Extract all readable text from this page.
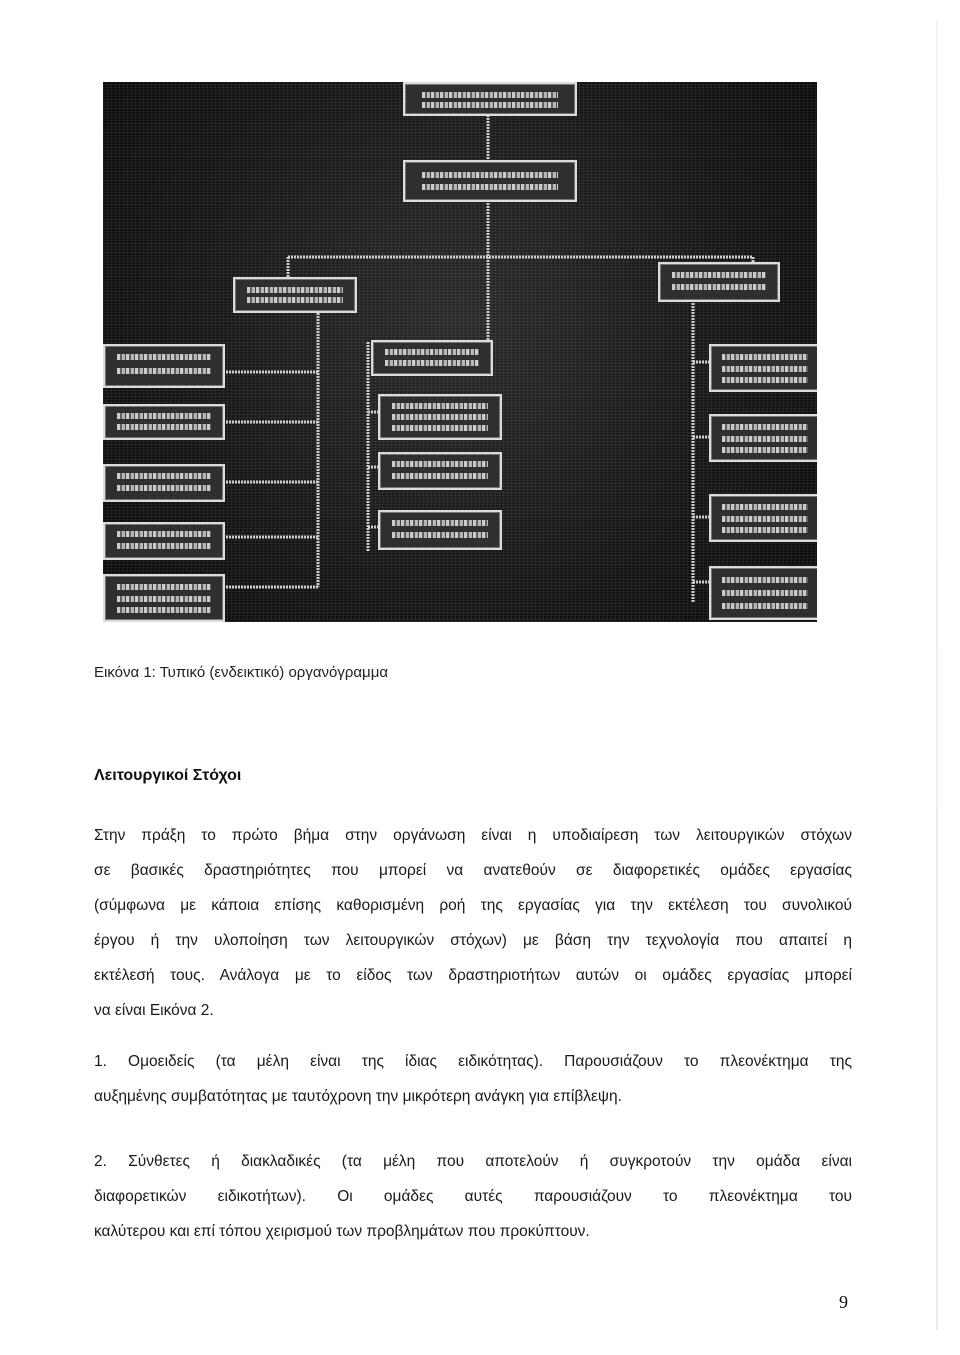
Εικόνα 1: Τυπικό (ενδεικτικό) οργανόγραμμα
Λειτουργικοί Στόχοι
Στην πράξη το πρώτο βήμα στην οργάνωση είναι η υποδιαίρεση των λειτουργικών στόχων
σε βασικές δραστηριότητες που μπορεί να ανατεθούν σε διαφορετικές ομάδες εργασίας
(σύμφωνα με κάποια επίσης καθορισμένη ροή της εργασίας για την εκτέλεση του συνολικού
έργου ή την υλοποίηση των λειτουργικών στόχων) με βάση την τεχνολογία που απαιτεί η
εκτέλεσή τους. Ανάλογα με το είδος των δραστηριοτήτων αυτών οι ομάδες εργασίας μπορεί
να είναι Εικόνα 2.
1. Ομοειδείς (τα μέλη είναι της ίδιας ειδικότητας). Παρουσιάζουν το πλεονέκτημα της
αυξημένης συμβατότητας με ταυτόχρονη την μικρότερη ανάγκη για επίβλεψη.
2. Σύνθετες ή διακλαδικές (τα μέλη που αποτελούν ή συγκροτούν την ομάδα είναι
διαφορετικών ειδικοτήτων). Οι ομάδες αυτές παρουσιάζουν το πλεονέκτημα του
καλύτερου και επί τόπου χειρισμού των προβλημάτων που προκύπτουν.
9
